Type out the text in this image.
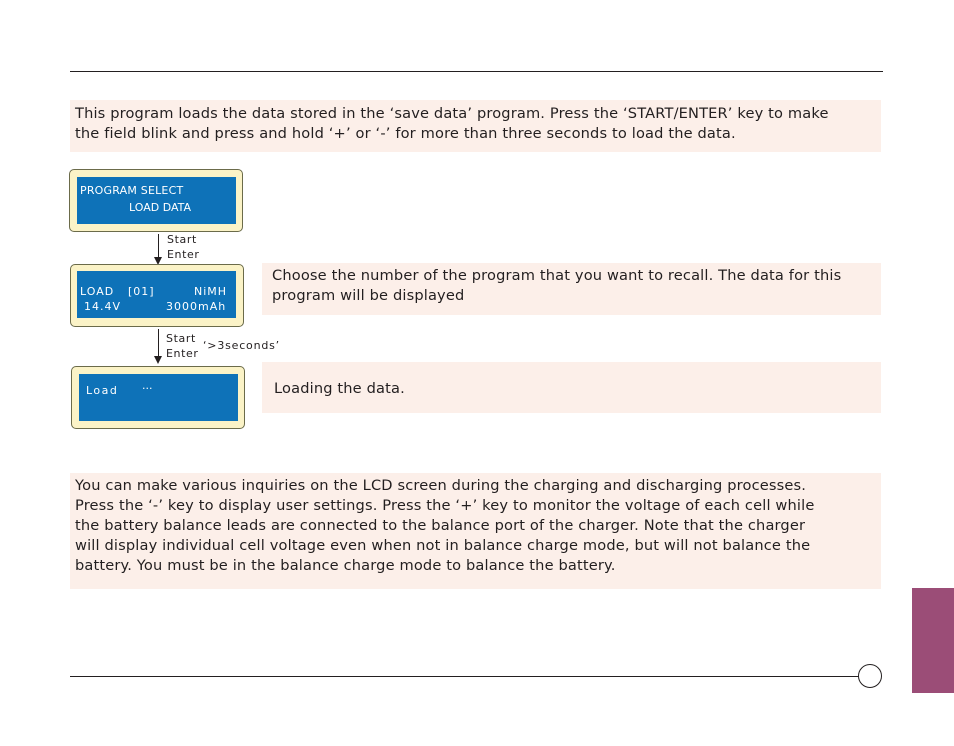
This program loads the data stored in the ‘save data’ program. Press the ‘START/ENTER’ key to make
the field blink and press and hold ‘+’ or ‘-’ for more than three seconds to load the data.
PROGRAM SELECT
LOAD DATA
Start
Enter
LOAD [01]	NiMH
14.4V	3000mAh
Choose the number of the program that you want to recall. The data for this
program will be displayed
Start
Enter
‘>3seconds’
Load ···	Loading the data.
You can make various inquiries on the LCD screen during the charging and discharging processes.
Press the ‘-’ key to display user settings. Press the ‘+’ key to monitor the voltage of each cell while
the battery balance leads are connected to the balance port of the charger. Note that the charger
will display individual cell voltage even when not in balance charge mode, but will not balance the
battery. You must be in the balance charge mode to balance the battery.
